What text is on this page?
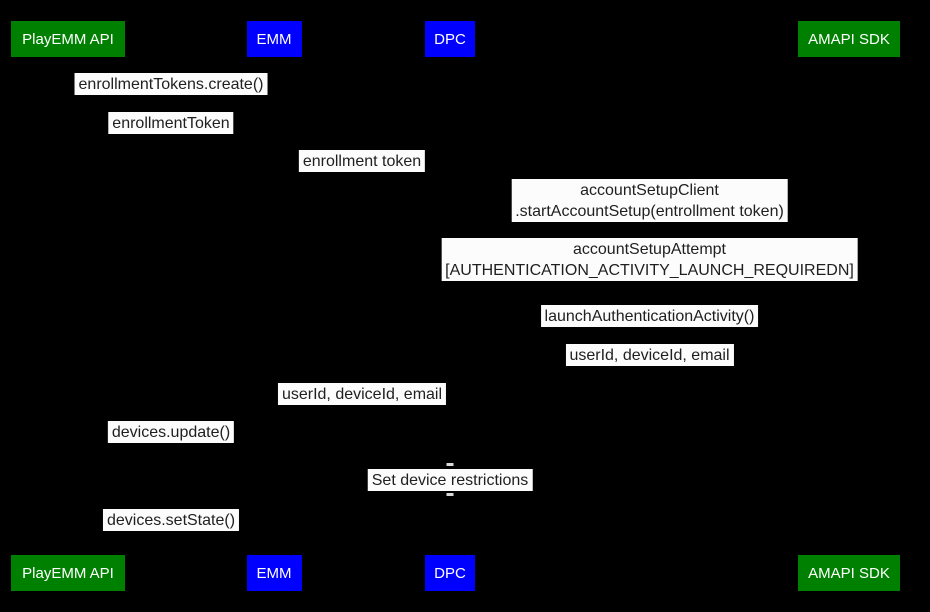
PlayEMM API
PlayEMM API
EMM
EMM
DPC
DPC
AMAPI SDK
AMAPI SDK
enrollmentTokens.create()
enrollmentToken
enrollment token
accountSetupClient
.startAccountSetup(entrollment token)
accountSetupAttempt
[AUTHENTICATION_ACTIVITY_LAUNCH_REQUIREDN]
launchAuthenticationActivity()
userId, deviceId, email
userId, deviceId, email
devices.update()
Set device restrictions
devices.setState()
